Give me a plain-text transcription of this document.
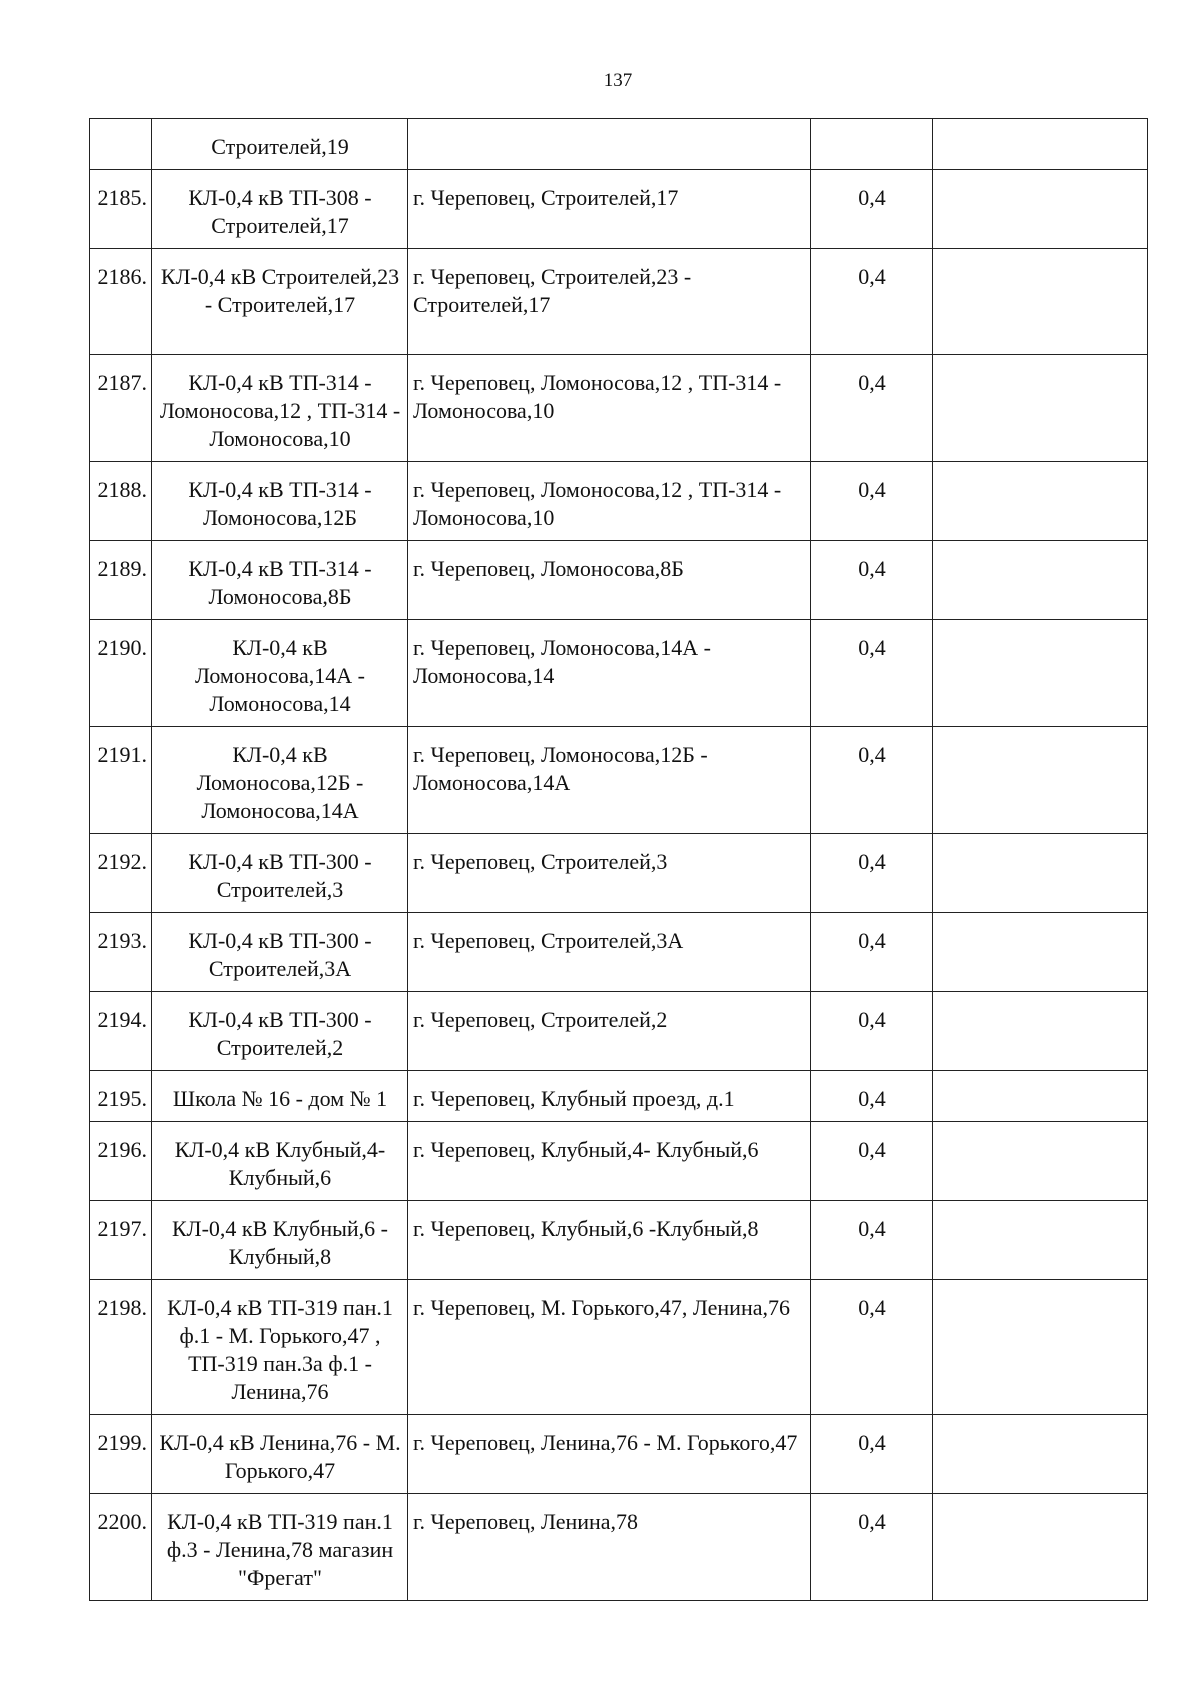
137
	Строителей,19			
2185.	КЛ-0,4 кВ ТП-308 - Строителей,17	г. Череповец, Строителей,17	0,4	
2186.	КЛ-0,4 кВ Строителей,23 - Строителей,17	г. Череповец, Строителей,23 - Строителей,17	0,4	
2187.	КЛ-0,4 кВ ТП-314 - Ломоносова,12 , ТП-314 - Ломоносова,10	г. Череповец, Ломоносова,12 , ТП-314 - Ломоносова,10	0,4	
2188.	КЛ-0,4 кВ ТП-314 - Ломоносова,12Б	г. Череповец, Ломоносова,12 , ТП-314 - Ломоносова,10	0,4	
2189.	КЛ-0,4 кВ ТП-314 - Ломоносова,8Б	г. Череповец, Ломоносова,8Б	0,4	
2190.	КЛ-0,4 кВ Ломоносова,14А - Ломоносова,14	г. Череповец, Ломоносова,14А - Ломоносова,14	0,4	
2191.	КЛ-0,4 кВ Ломоносова,12Б - Ломоносова,14А	г. Череповец, Ломоносова,12Б - Ломоносова,14А	0,4	
2192.	КЛ-0,4 кВ ТП-300 - Строителей,3	г. Череповец, Строителей,3	0,4	
2193.	КЛ-0,4 кВ ТП-300 - Строителей,3А	г. Череповец, Строителей,3А	0,4	
2194.	КЛ-0,4 кВ ТП-300 - Строителей,2	г. Череповец, Строителей,2	0,4	
2195.	Школа № 16 - дом № 1	г. Череповец, Клубный проезд, д.1	0,4	
2196.	КЛ-0,4 кВ Клубный,4- Клубный,6	г. Череповец, Клубный,4- Клубный,6	0,4	
2197.	КЛ-0,4 кВ Клубный,6 - Клубный,8	г. Череповец, Клубный,6 -Клубный,8	0,4	
2198.	КЛ-0,4 кВ ТП-319 пан.1 ф.1 - М. Горького,47 , ТП-319 пан.3а ф.1 - Ленина,76	г. Череповец, М. Горького,47, Ленина,76	0,4	
2199.	КЛ-0,4 кВ Ленина,76 - М. Горького,47	г. Череповец, Ленина,76 - М. Горького,47	0,4	
2200.	КЛ-0,4 кВ ТП-319 пан.1 ф.3 - Ленина,78 магазин "Фрегат"	г. Череповец, Ленина,78	0,4	
